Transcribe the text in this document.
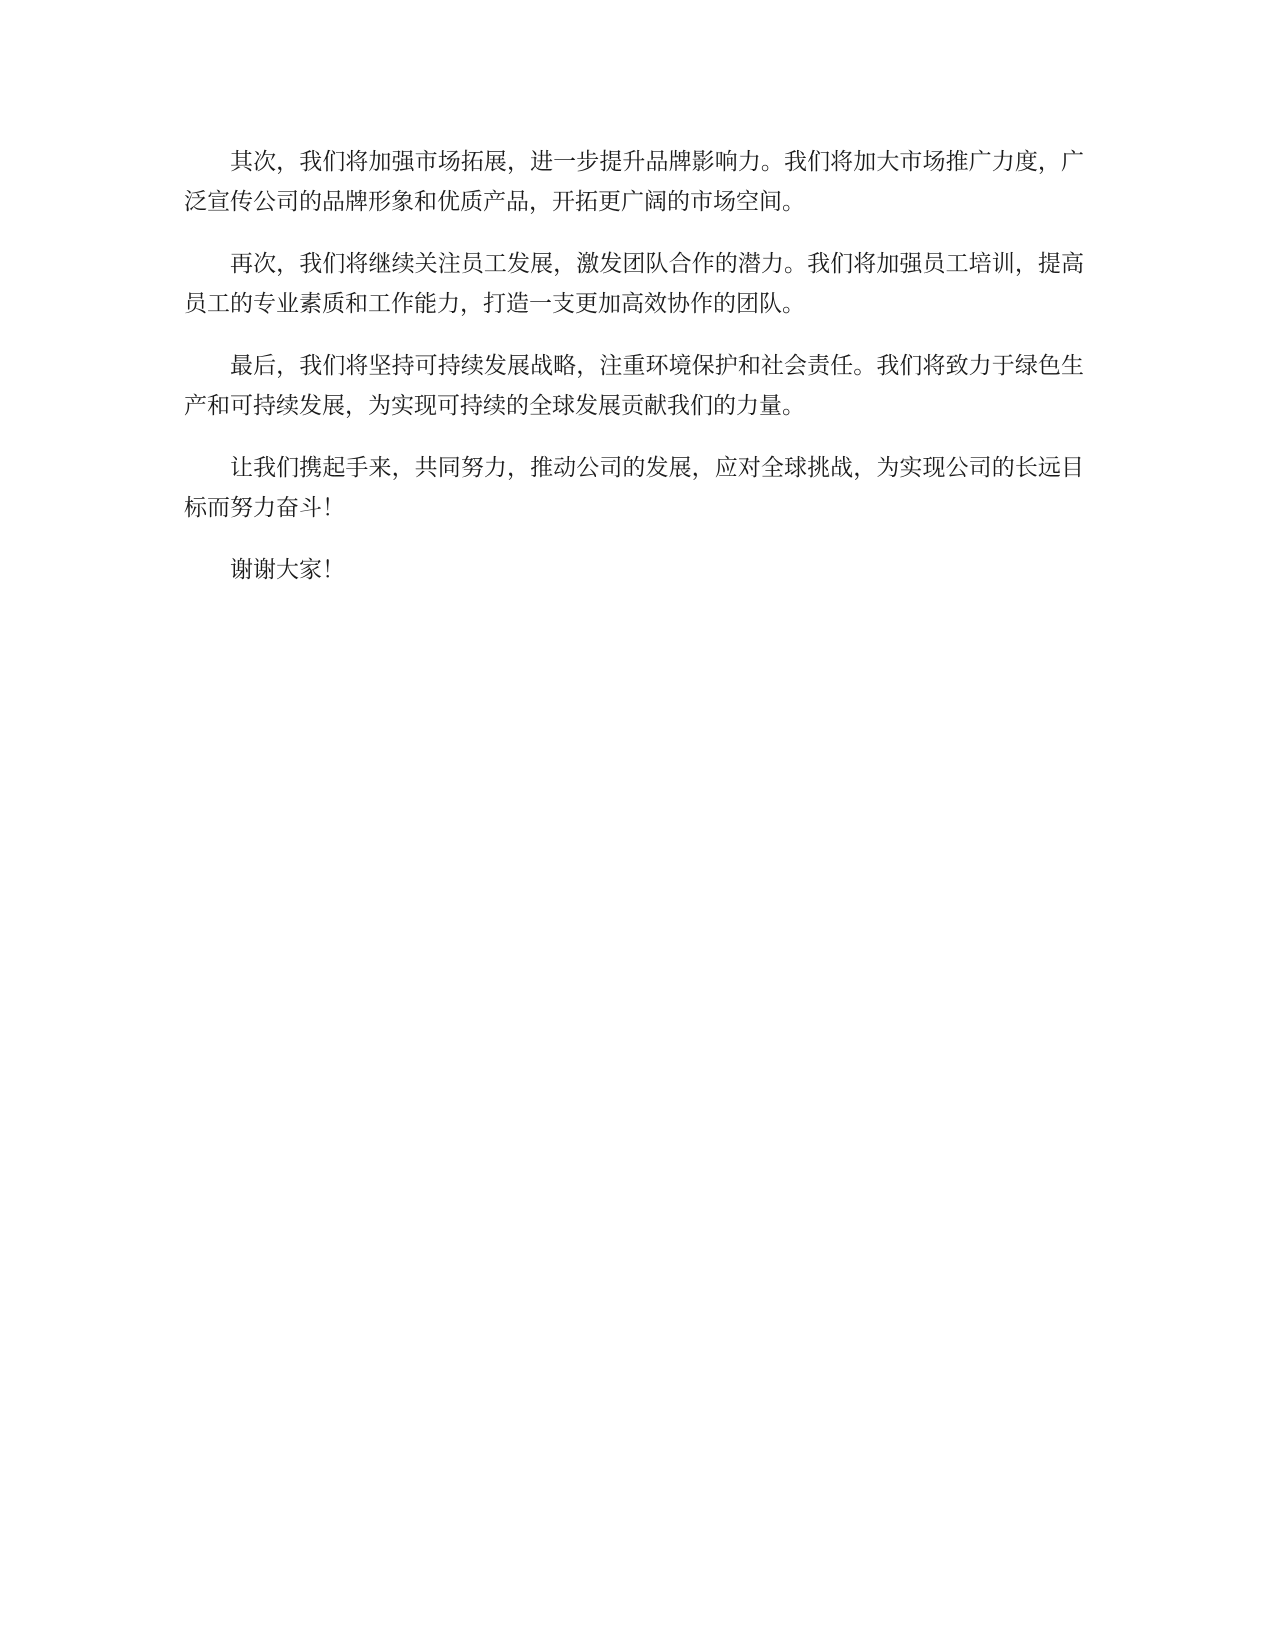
其次，我们将加强市场拓展，进一步提升品牌影响力。我们将加大市场推广力度，广泛宣传公司的品牌形象和优质产品，开拓更广阔的市场空间。

再次，我们将继续关注员工发展，激发团队合作的潜力。我们将加强员工培训，提高员工的专业素质和工作能力，打造一支更加高效协作的团队。

最后，我们将坚持可持续发展战略，注重环境保护和社会责任。我们将致力于绿色生产和可持续发展，为实现可持续的全球发展贡献我们的力量。

让我们携起手来，共同努力，推动公司的发展，应对全球挑战，为实现公司的长远目标而努力奋斗！

谢谢大家！
